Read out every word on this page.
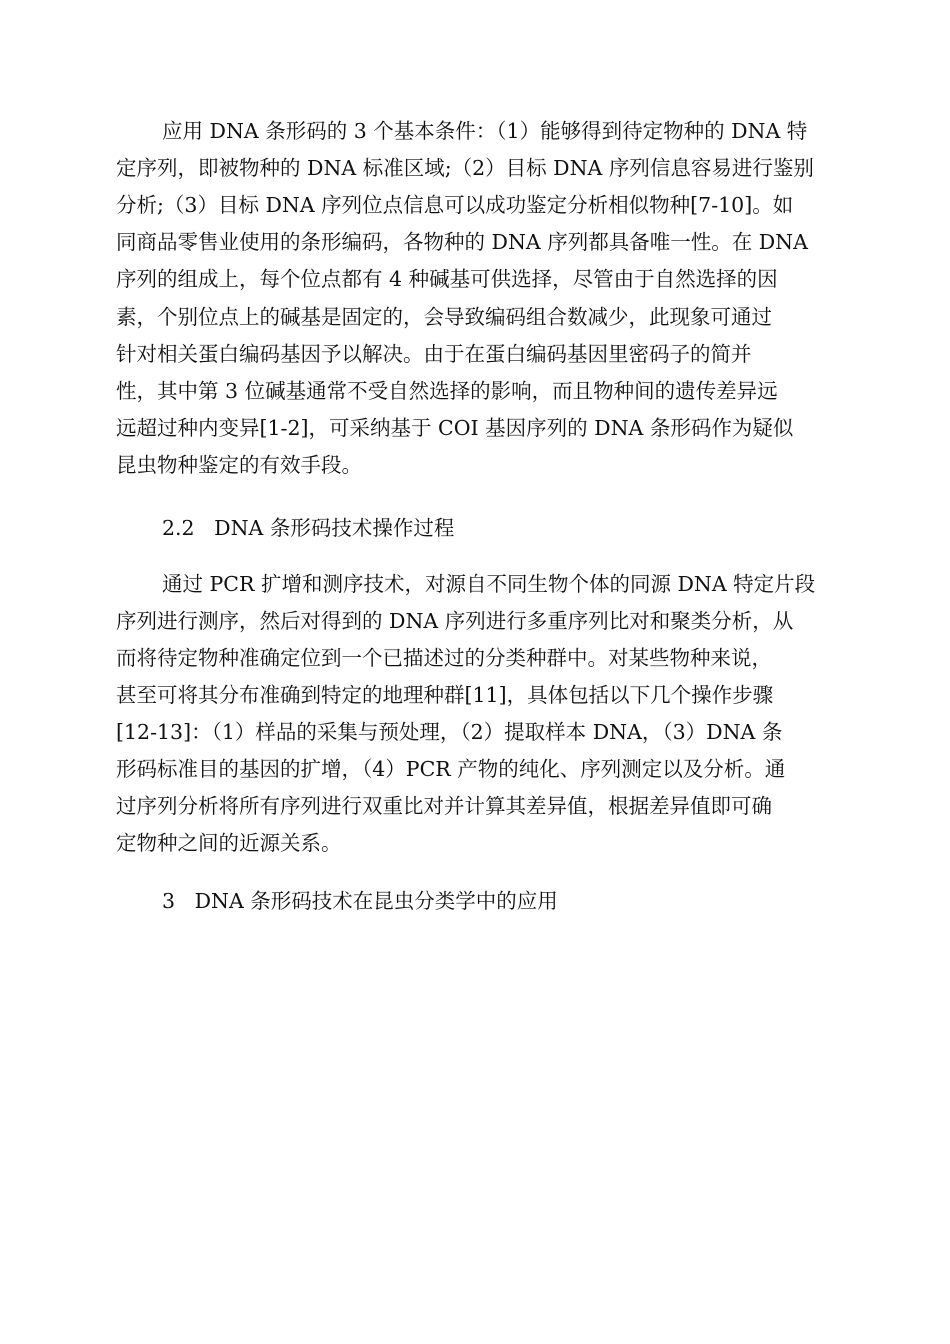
应用 DNA 条形码的 3 个基本条件：（1）能够得到待定物种的 DNA 特
定序列，即被物种的 DNA 标准区域;（2）目标 DNA 序列信息容易进行鉴别
分析;（3）目标 DNA 序列位点信息可以成功鉴定分析相似物种[7-10]。如
同商品零售业使用的条形编码，各物种的 DNA 序列都具备唯一性。在 DNA
序列的组成上，每个位点都有 4 种碱基可供选择，尽管由于自然选择的因
素，个别位点上的碱基是固定的，会导致编码组合数减少，此现象可通过
针对相关蛋白编码基因予以解决。由于在蛋白编码基因里密码子的简并
性，其中第 3 位碱基通常不受自然选择的影响，而且物种间的遗传差异远
远超过种内变异[1-2]，可采纳基于 COI 基因序列的 DNA 条形码作为疑似
昆虫物种鉴定的有效手段。
2.2   DNA 条形码技术操作过程
通过 PCR 扩增和测序技术，对源自不同生物个体的同源 DNA 特定片段
序列进行测序，然后对得到的 DNA 序列进行多重序列比对和聚类分析，从
而将待定物种准确定位到一个已描述过的分类种群中。对某些物种来说，
甚至可将其分布准确到特定的地理种群[11]，具体包括以下几个操作步骤
[12-13]：（1）样品的采集与预处理，（2）提取样本 DNA，（3）DNA 条
形码标准目的基因的扩增，（4）PCR 产物的纯化、序列测定以及分析。通
过序列分析将所有序列进行双重比对并计算其差异值，根据差异值即可确
定物种之间的近源关系。
3   DNA 条形码技术在昆虫分类学中的应用
